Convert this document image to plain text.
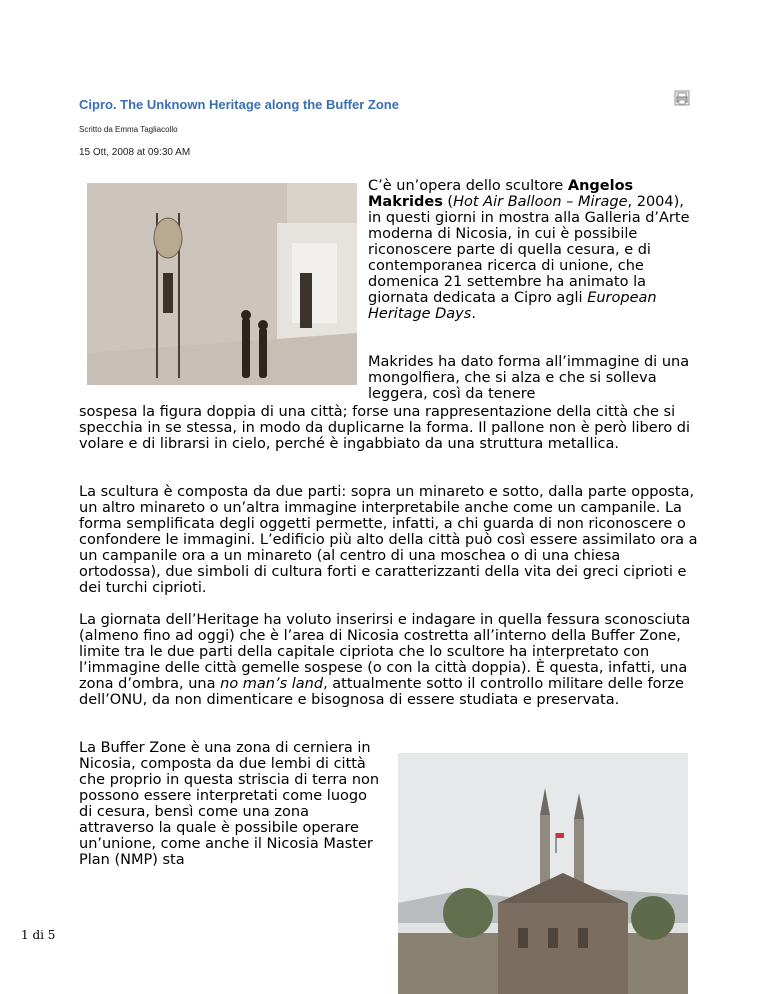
Cipro. The Unknown Heritage along the Buffer Zone
Scritto da Emma Tagliacollo
15 Ott, 2008 at 09:30 AM

C’è un’opera dello scultore Angelos Makrides (Hot Air Balloon – Mirage, 2004), in questi giorni in mostra alla Galleria d’Arte moderna di Nicosia, in cui è possibile riconoscere parte di quella cesura, e di contemporanea ricerca di unione, che domenica 21 settembre ha animato la giornata dedicata a Cipro agli European Heritage Days.

Makrides ha dato forma all’immagine di una mongolfiera, che si alza e che si solleva leggera, così da tenere

sospesa la figura doppia di una città; forse una rappresentazione della città che si specchia in se stessa, in modo da duplicarne la forma. Il pallone non è però libero di volare e di librarsi in cielo, perché è ingabbiato da una struttura metallica.

La scultura è composta da due parti: sopra un minareto e sotto, dalla parte opposta, un altro minareto o un’altra immagine interpretabile anche come un campanile. La forma semplificata degli oggetti permette, infatti, a chi guarda di non riconoscere o confondere le immagini. L’edificio più alto della città può così essere assimilato ora a un campanile ora a un minareto (al centro di una moschea o di una chiesa ortodossa), due simboli di cultura forti e caratterizzanti della vita dei greci ciprioti e dei turchi ciprioti.

La giornata dell’Heritage ha voluto inserirsi e indagare in quella fessura sconosciuta (almeno fino ad oggi) che è l’area di Nicosia costretta all’interno della Buffer Zone, limite tra le due parti della capitale cipriota che lo scultore ha interpretato con l’immagine delle città gemelle sospese (o con la città doppia). È questa, infatti, una zona d’ombra, una no man’s land, attualmente sotto il controllo militare delle forze dell’ONU, da non dimenticare e bisognosa di essere studiata e preservata.

La Buffer Zone è una zona di cerniera in Nicosia, composta da due lembi di città che proprio in questa striscia di terra non possono essere interpretati come luogo di cesura, bensì come una zona attraverso la quale è possibile operare un’unione, come anche il Nicosia Master Plan (NMP) sta

1 di 5
